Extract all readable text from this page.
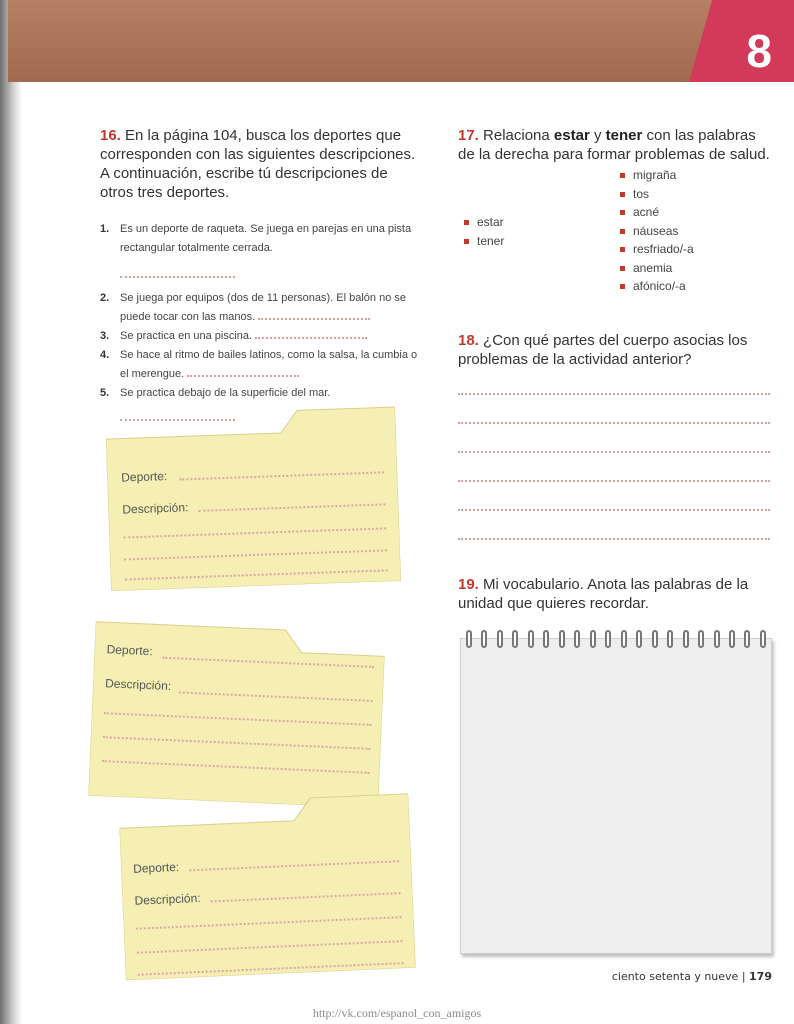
8
16. En la página 104, busca los deportes que corresponden con las siguientes descripciones. A continuación, escribe tú descripciones de otros tres deportes.
1. Es un deporte de raqueta. Se juega en parejas en una pista rectangular totalmente cerrada.
2. Se juega por equipos (dos de 11 personas). El balón no se puede tocar con las manos.
3. Se practica en una piscina.
4. Se hace al ritmo de bailes latinos, como la salsa, la cumbia o el merengue.
5. Se practica debajo de la superficie del mar.
Deporte:
Descripción:
Deporte:
Descripción:
Deporte:
Descripción:
17. Relaciona estar y tener con las palabras de la derecha para formar problemas de salud.
estar
tener
migraña
tos
acné
náuseas
resfriado/-a
anemia
afónico/-a
18. ¿Con qué partes del cuerpo asocias los problemas de la actividad anterior?
19. Mi vocabulario. Anota las palabras de la unidad que quieres recordar.
ciento setenta y nueve | 179
http://vk.com/espanol_con_amigos
